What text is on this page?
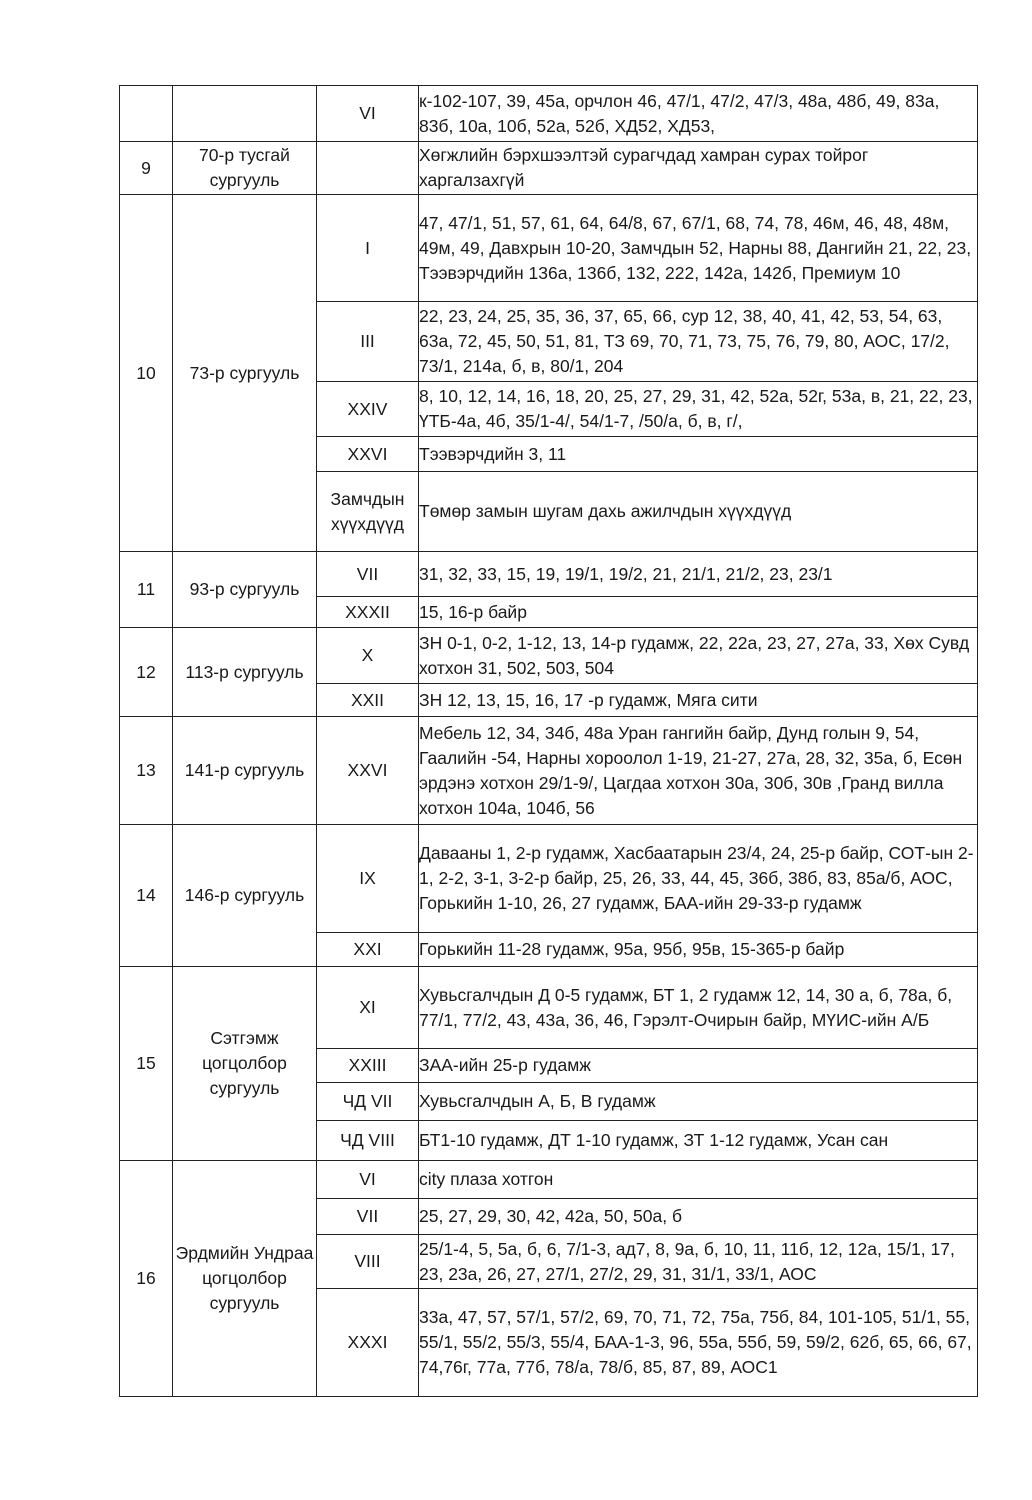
		VI	к-102-107, 39, 45а, орчлон 46, 47/1, 47/2, 47/3, 48а, 48б, 49, 83а, 83б, 10а, 10б, 52а, 52б, ХД52, ХД53,
9	70-р тусгай сургууль		Хөгжлийн бэрхшээлтэй сурагчдад хамран сурах тойрог харгалзахгүй
10	73-р сургууль	I	47, 47/1, 51, 57, 61, 64, 64/8, 67, 67/1, 68, 74, 78, 46м, 46, 48, 48м, 49м, 49, Давхрын 10-20, Замчдын 52, Нарны 88, Дангийн 21, 22, 23, Тээвэрчдийн 136а, 136б, 132, 222, 142а, 142б, Премиум 10
		III	22, 23, 24, 25, 35, 36, 37, 65, 66, сур 12, 38, 40, 41, 42, 53, 54, 63, 63а, 72, 45, 50, 51, 81, ТЗ 69, 70, 71, 73, 75, 76, 79, 80, АОС, 17/2, 73/1, 214а, б, в, 80/1, 204
		XXIV	8, 10, 12, 14, 16, 18, 20, 25, 27, 29, 31, 42, 52а, 52г, 53а, в, 21, 22, 23, ҮТБ-4а, 4б, 35/1-4/, 54/1-7, /50/а, б, в, г/,
		XXVI	Тээвэрчдийн 3, 11
		Замчдын хүүхдүүд	Төмөр замын шугам дахь ажилчдын хүүхдүүд
11	93-р сургууль	VII	31, 32, 33, 15, 19, 19/1, 19/2, 21, 21/1, 21/2, 23, 23/1
		XXXII	15, 16-р байр
12	113-р сургууль	X	ЗН 0-1, 0-2, 1-12, 13, 14-р гудамж, 22, 22а, 23, 27, 27а, 33, Хөх Сувд хотхон 31, 502, 503, 504
		XXII	ЗН 12, 13, 15, 16, 17 -р гудамж, Мяга сити
13	141-р сургууль	XXVI	Мебель 12, 34, 34б, 48а Уран гангийн байр, Дунд голын 9, 54, Гаалийн -54, Нарны хороолол 1-19, 21-27, 27а, 28, 32, 35а, б, Есөн эрдэнэ хотхон 29/1-9/, Цагдаа хотхон 30а, 30б, 30в ,Гранд вилла хотхон 104а, 104б, 56
14	146-р сургууль	IX	Давааны 1, 2-р гудамж, Хасбаатарын 23/4, 24, 25-р байр, СОТ-ын 2-1, 2-2, 3-1, 3-2-р байр, 25, 26, 33, 44, 45, 36б, 38б, 83, 85а/б, АОС, Горькийн 1-10, 26, 27 гудамж, БАА-ийн 29-33-р гудамж
		XXI	Горькийн 11-28 гудамж, 95а, 95б, 95в, 15-365-р байр
15	Сэтгэмж цогцолбор сургууль	XI	Хувьсгалчдын Д 0-5 гудамж, БТ 1, 2 гудамж 12, 14, 30 а, б, 78а, б, 77/1, 77/2, 43, 43а, 36, 46, Гэрэлт-Очирын байр, МҮИС-ийн А/Б
		XXIII	ЗАА-ийн 25-р гудамж
		ЧД VII	Хувьсгалчдын А, Б, В гудамж
		ЧД VIII	БТ1-10 гудамж, ДТ 1-10 гудамж, ЗТ 1-12 гудамж, Усан сан
16	Эрдмийн Ундраа цогцолбор сургууль	VI	city плаза хотгон
		VII	25, 27, 29, 30, 42, 42а, 50, 50а, б
		VIII	25/1-4, 5, 5а, б, 6, 7/1-3, ад7, 8, 9а, б, 10, 11, 11б, 12, 12а, 15/1, 17, 23, 23а, 26, 27, 27/1, 27/2, 29, 31, 31/1, 33/1, АОС
		XXXI	33а, 47, 57, 57/1, 57/2, 69, 70, 71, 72, 75а, 75б, 84, 101-105, 51/1, 55, 55/1, 55/2, 55/3, 55/4, БАА-1-3, 96, 55а, 55б, 59, 59/2, 62б, 65, 66, 67, 74,76г, 77а, 77б, 78/а, 78/б, 85, 87, 89, АОС1
